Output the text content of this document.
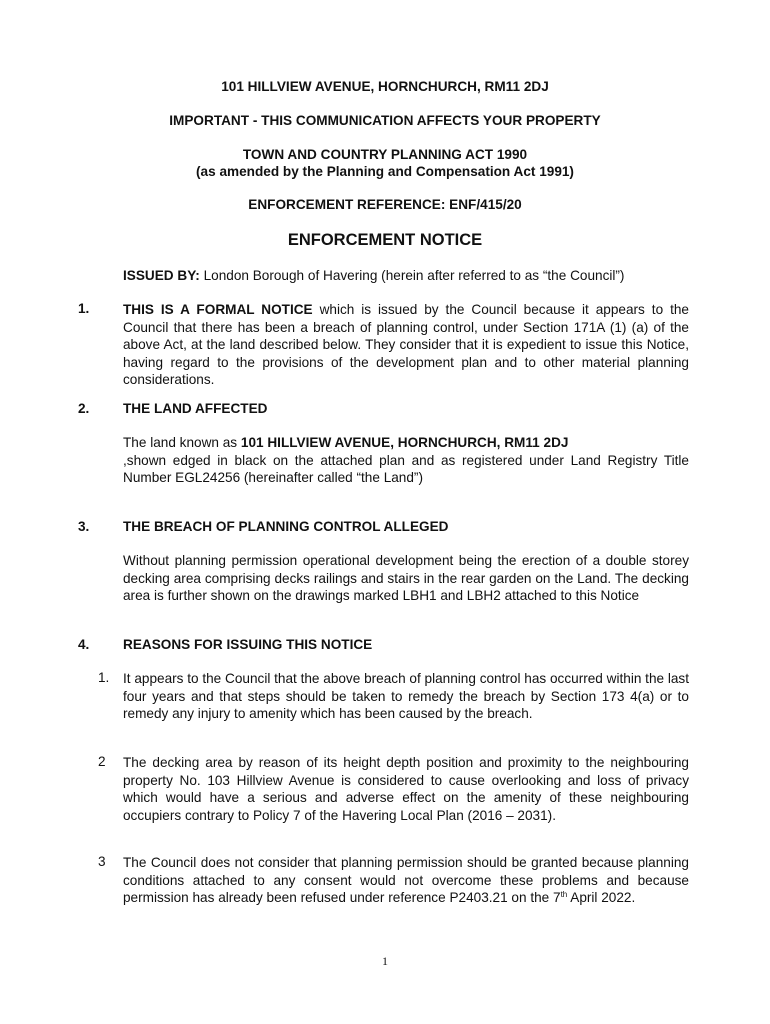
101 HILLVIEW AVENUE, HORNCHURCH, RM11 2DJ
IMPORTANT - THIS COMMUNICATION AFFECTS YOUR PROPERTY
TOWN AND COUNTRY PLANNING ACT 1990
(as amended by the Planning and Compensation Act 1991)
ENFORCEMENT REFERENCE: ENF/415/20
ENFORCEMENT NOTICE
ISSUED BY: London Borough of Havering (herein after referred to as “the Council”)
1. THIS IS A FORMAL NOTICE which is issued by the Council because it appears to the Council that there has been a breach of planning control, under Section 171A (1) (a) of the above Act, at the land described below. They consider that it is expedient to issue this Notice, having regard to the provisions of the development plan and to other material planning considerations.
2. THE LAND AFFECTED
The land known as 101 HILLVIEW AVENUE, HORNCHURCH, RM11 2DJ
,shown edged in black on the attached plan and as registered under Land Registry Title Number EGL24256 (hereinafter called “the Land”)
3. THE BREACH OF PLANNING CONTROL ALLEGED
Without planning permission operational development being the erection of a double storey decking area comprising decks railings and stairs in the rear garden on the Land. The decking area is further shown on the drawings marked LBH1 and LBH2 attached to this Notice
4. REASONS FOR ISSUING THIS NOTICE
1. It appears to the Council that the above breach of planning control has occurred within the last four years and that steps should be taken to remedy the breach by Section 173 4(a) or to remedy any injury to amenity which has been caused by the breach.
2 The decking area by reason of its height depth position and proximity to the neighbouring property No. 103 Hillview Avenue is considered to cause overlooking and loss of privacy which would have a serious and adverse effect on the amenity of these neighbouring occupiers contrary to Policy 7 of the Havering Local Plan (2016 – 2031).
3 The Council does not consider that planning permission should be granted because planning conditions attached to any consent would not overcome these problems and because permission has already been refused under reference P2403.21 on the 7th April 2022.
1
